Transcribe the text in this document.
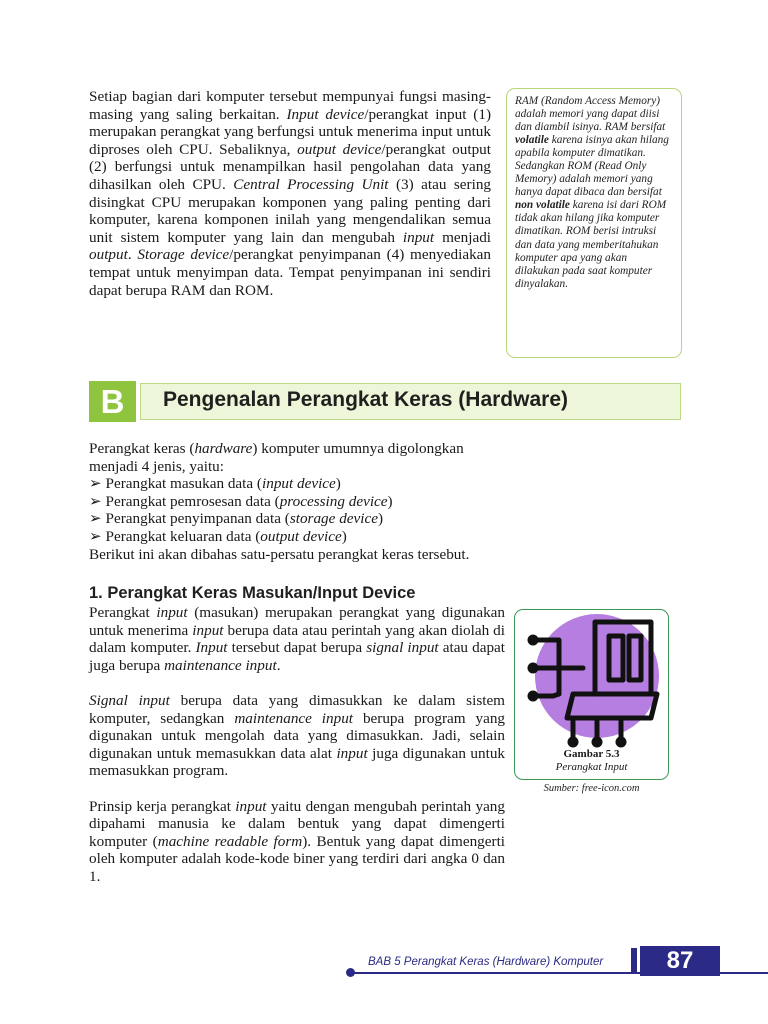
Setiap bagian dari komputer tersebut mempunyai fungsi masing-masing yang saling berkaitan. Input device/perangkat input (1) merupakan perangkat yang berfungsi untuk menerima input untuk diproses oleh CPU. Sebaliknya, output device/perangkat output (2) berfungsi untuk menampilkan hasil pengolahan data yang dihasilkan oleh CPU. Central Processing Unit (3) atau sering disingkat CPU merupakan komponen yang paling penting dari komputer, karena komponen inilah yang mengendalikan semua unit sistem komputer yang lain dan mengubah input menjadi output. Storage device/perangkat penyimpanan (4) menyediakan tempat untuk menyimpan data. Tempat penyimpanan ini sendiri dapat berupa RAM dan ROM.

RAM (Random Access Memory) adalah memori yang dapat diisi dan diambil isinya. RAM bersifat volatile karena isinya akan hilang apabila komputer dimatikan. Sedangkan ROM (Read Only Memory) adalah memori yang hanya dapat dibaca dan bersifat non volatile karena isi dari ROM tidak akan hilang jika komputer dimatikan. ROM berisi intruksi dan data yang memberitahukan komputer apa yang akan dilakukan pada saat komputer dinyalakan.
B	Pengenalan Perangkat Keras (Hardware)

Perangkat keras (hardware) komputer umumnya digolongkan menjadi 4 jenis, yaitu:

➢ Perangkat masukan data (input device)
➢ Perangkat pemrosesan data (processing device)
➢ Perangkat penyimpanan data (storage device)
➢ Perangkat keluaran data (output device)

Berikut ini akan dibahas satu-persatu perangkat keras tersebut.

1. Perangkat Keras Masukan/Input Device

Perangkat input (masukan) merupakan perangkat yang digunakan untuk menerima input berupa data atau perintah yang akan diolah di dalam komputer. Input tersebut dapat berupa signal input atau dapat juga berupa maintenance input.

Signal input berupa data yang dimasukkan ke dalam sistem komputer, sedangkan maintenance input berupa program yang digunakan untuk mengolah data yang dimasukkan. Jadi, selain digunakan untuk memasukkan data alat input juga digunakan untuk memasukkan program.

Prinsip kerja perangkat input yaitu dengan mengubah perintah yang dipahami manusia ke dalam bentuk yang dapat dimengerti komputer (machine readable form). Bentuk yang dapat dimengerti oleh komputer adalah kode-kode biner yang terdiri dari angka 0 dan 1.

Gambar 5.3
Perangkat Input
Sumber: free-icon.com
BAB 5 Perangkat Keras (Hardware) Komputer	87
